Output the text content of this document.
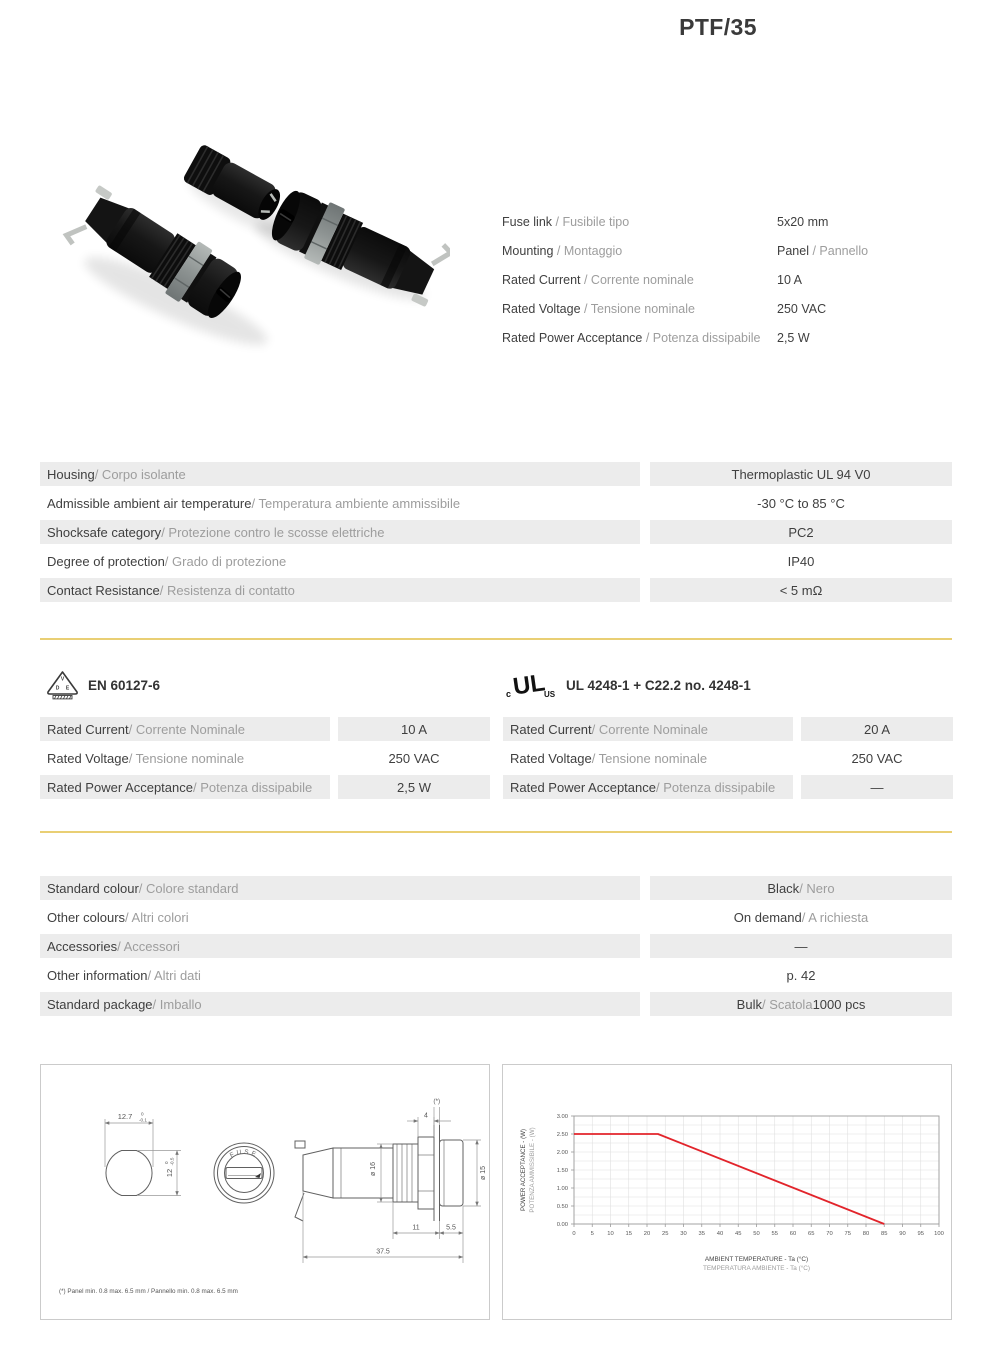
PTF/35
Fuse link / Fusibile tipo	5x20 mm
Mounting / Montaggio	Panel / Pannello
Rated Current / Corrente nominale	10 A
Rated Voltage / Tensione nominale	250 VAC
Rated Power Acceptance / Potenza dissipabile 2,5 W
Housing / Corpo isolante	Thermoplastic UL 94 V0
Admissible ambient air temperature / Temperatura ambiente ammissibile	-30 °C to 85 °C
Shocksafe category / Protezione contro le scosse elettriche	PC2
Degree of protection / Grado di protezione	IP40
Contact Resistance / Resistenza di contatto	< 5 mΩ
V
D E EN 60127-6
c UL
US
UL 4248-1 + C22.2 no. 4248-1
Rated Current / Corrente Nominale	10 A
Rated Voltage / Tensione nominale	250 VAC
Rated Power Acceptance / Potenza dissipabile	2,5 W
Rated Current / Corrente Nominale	20 A
Rated Voltage / Tensione nominale	250 VAC
Rated Power Acceptance / Potenza dissipabile	—
Standard colour / Colore standard	Black / Nero
Other colours / Altri colori	On demand / A richiesta
Accessories / Accessori	—
Other information / Altri dati	p. 42
Standard package / Imballo	Bulk / Scatola 1000 pcs
12.7 0
-0.1
12
0 -0.5
FUSE
(*)
4
ø 16	ø 15
11	5.5
37.5
(*) Panel min. 0.8 max. 6.5 mm / Pannello min. 0.8 max. 6.5 mm
0	5 10 15 20 25 30 35 40 45 50 55 60 65 70 75 80 85 90 95 100
0.00
0.50
1.00
1.50
2.00
2.50
3.00
POWER ACCEPTANCE - (W) POTENZA AMMISSIBILE - (W)
AMBIENT TEMPERATURE - Ta (°C)
TEMPERATURA AMBIENTE - Ta (°C)
